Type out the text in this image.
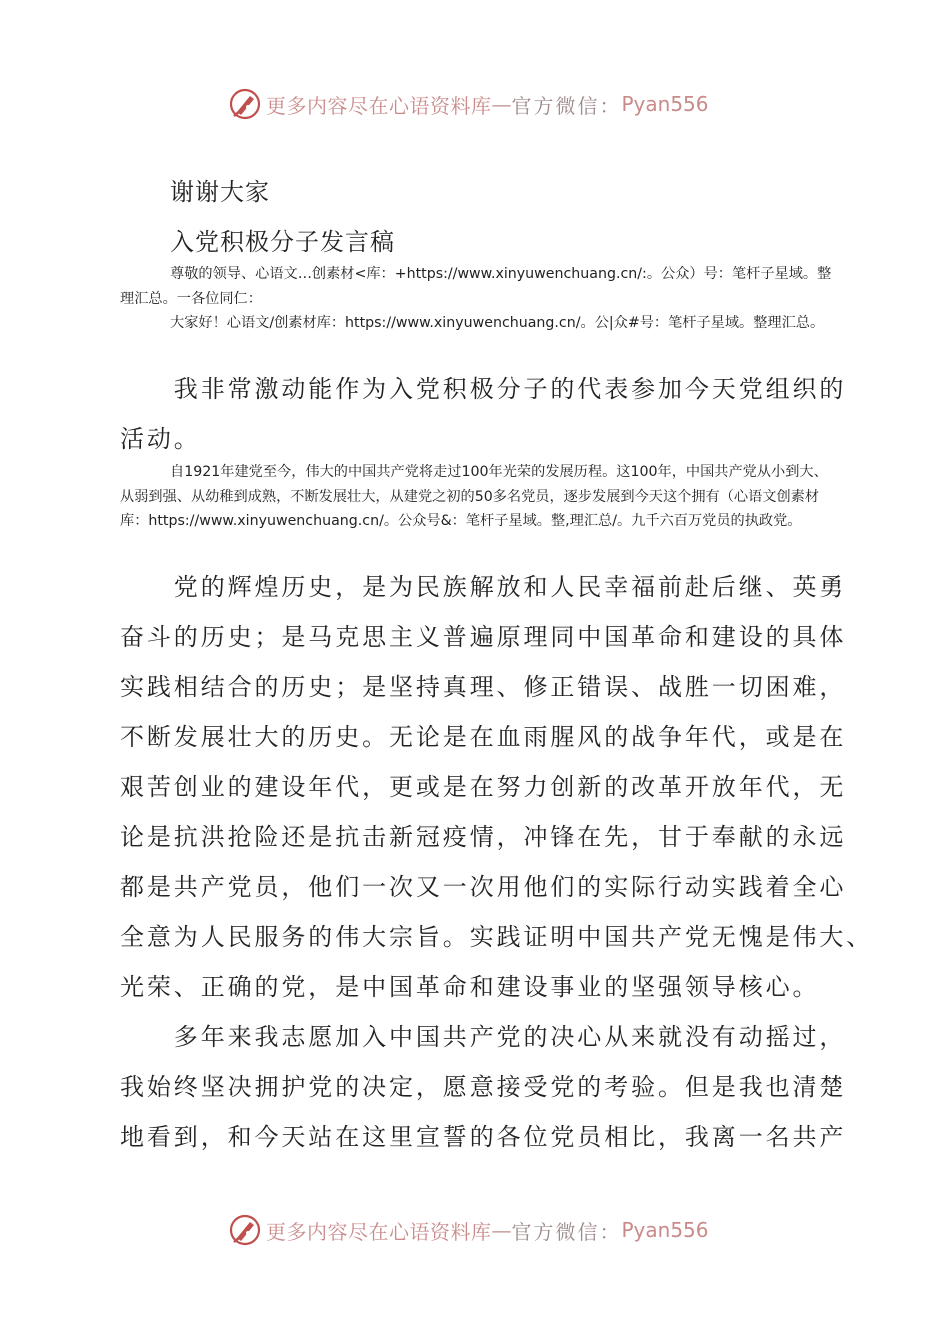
更多内容尽在心语资料库 — 官方微信： Pyan556
谢谢大家
入党积极分子发言稿
尊敬的领导、心语文…创素材<库：+https://www.xinyuwenchuang.cn/:。公众）号：笔杆子星域。整理汇总。一各位同仁：
大家好！心语文/创素材库：https://www.xinyuwenchuang.cn/。公|众#号：笔杆子星域。整理汇总。
　　我非常激动能作为入党积极分子的代表参加今天党组织的
活动。
自1921年建党至今，伟大的中国共产党将走过100年光荣的发展历程。这100年，中国共产党从小到大、从弱到强、从幼稚到成熟，不断发展壮大，从建党之初的50多名党员，逐步发展到今天这个拥有（心语文创素材库：https://www.xinyuwenchuang.cn/。公众号&：笔杆子星域。整,理汇总/。九千六百万党员的执政党。
　　党的辉煌历史，是为民族解放和人民幸福前赴后继、英勇
奋斗的历史；是马克思主义普遍原理同中国革命和建设的具体
实践相结合的历史；是坚持真理、修正错误、战胜一切困难，
不断发展壮大的历史。无论是在血雨腥风的战争年代，或是在
艰苦创业的建设年代，更或是在努力创新的改革开放年代，无
论是抗洪抢险还是抗击新冠疫情，冲锋在先，甘于奉献的永远
都是共产党员，他们一次又一次用他们的实际行动实践着全心
全意为人民服务的伟大宗旨。实践证明中国共产党无愧是伟大、
光荣、正确的党，是中国革命和建设事业的坚强领导核心。
　　多年来我志愿加入中国共产党的决心从来就没有动摇过，
我始终坚决拥护党的决定，愿意接受党的考验。但是我也清楚
地看到，和今天站在这里宣誓的各位党员相比，我离一名共产
更多内容尽在心语资料库 — 官方微信： Pyan556
